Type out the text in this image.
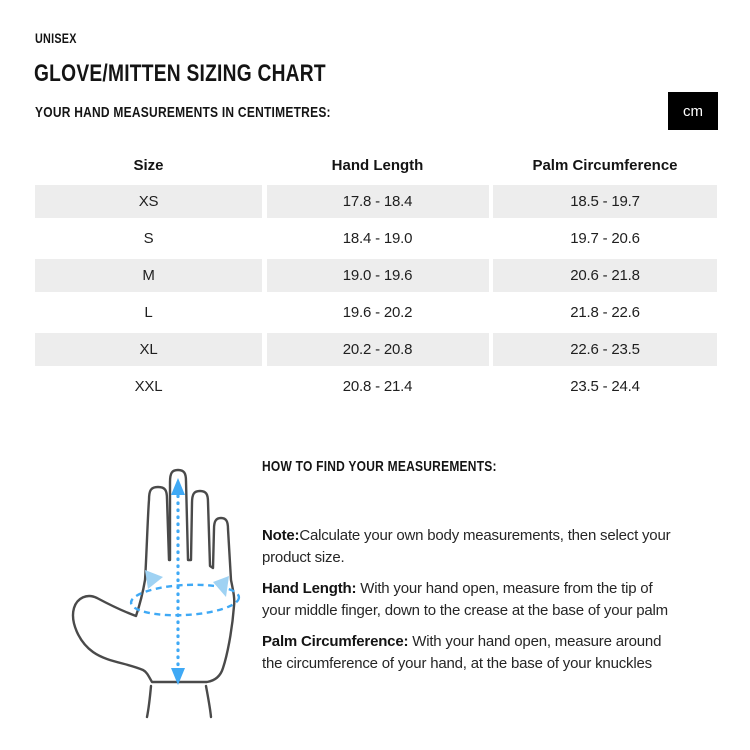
UNISEX
GLOVE/MITTEN SIZING CHART
YOUR HAND MEASUREMENTS IN CENTIMETRES:	cm
Size	Hand Length	Palm Circumference
XS	17.8 - 18.4	18.5 - 19.7
S	18.4 - 19.0	19.7 - 20.6
M	19.0 - 19.6	20.6 - 21.8
L	19.6 - 20.2	21.8 - 22.6
XL	20.2 - 20.8	22.6 - 23.5
XXL	20.8 - 21.4	23.5 - 24.4
HOW TO FIND YOUR MEASUREMENTS:

Note:Calculate your own body measurements, then select your product size.

Hand Length: With your hand open, measure from the tip of your middle finger, down to the crease at the base of your palm

Palm Circumference: With your hand open, measure around the circumference of your hand, at the base of your knuckles
